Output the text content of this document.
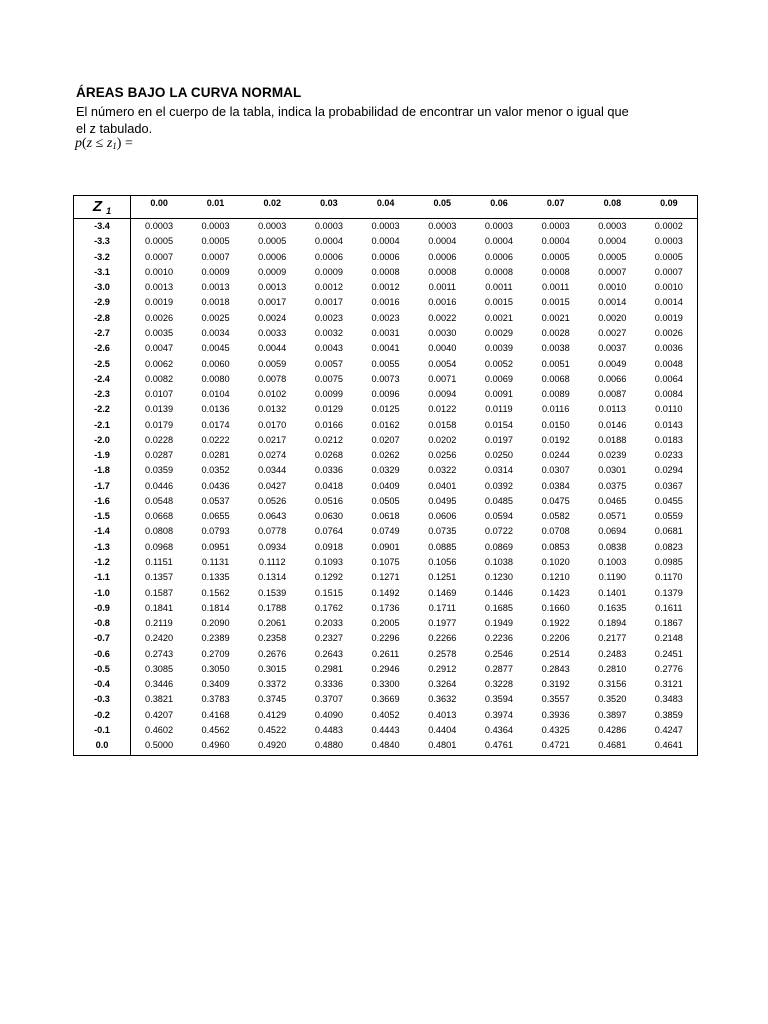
ÁREAS BAJO LA CURVA NORMAL
El número en el cuerpo de la tabla, indica la probabilidad de encontrar un valor menor o igual que el z tabulado.
$p(z \le z_1)$ =
Z $_1$	0.00	0.01	0.02	0.03	0.04	0.05	0.06	0.07	0.08	0.09
-3.4	0.0003	0.0003	0.0003	0.0003	0.0003	0.0003	0.0003	0.0003	0.0003	0.0002
-3.3	0.0005	0.0005	0.0005	0.0004	0.0004	0.0004	0.0004	0.0004	0.0004	0.0003
-3.2	0.0007	0.0007	0.0006	0.0006	0.0006	0.0006	0.0006	0.0005	0.0005	0.0005
-3.1	0.0010	0.0009	0.0009	0.0009	0.0008	0.0008	0.0008	0.0008	0.0007	0.0007
-3.0	0.0013	0.0013	0.0013	0.0012	0.0012	0.0011	0.0011	0.0011	0.0010	0.0010
-2.9	0.0019	0.0018	0.0017	0.0017	0.0016	0.0016	0.0015	0.0015	0.0014	0.0014
-2.8	0.0026	0.0025	0.0024	0.0023	0.0023	0.0022	0.0021	0.0021	0.0020	0.0019
-2.7	0.0035	0.0034	0.0033	0.0032	0.0031	0.0030	0.0029	0.0028	0.0027	0.0026
-2.6	0.0047	0.0045	0.0044	0.0043	0.0041	0.0040	0.0039	0.0038	0.0037	0.0036
-2.5	0.0062	0.0060	0.0059	0.0057	0.0055	0.0054	0.0052	0.0051	0.0049	0.0048
-2.4	0.0082	0.0080	0.0078	0.0075	0.0073	0.0071	0.0069	0.0068	0.0066	0.0064
-2.3	0.0107	0.0104	0.0102	0.0099	0.0096	0.0094	0.0091	0.0089	0.0087	0.0084
-2.2	0.0139	0.0136	0.0132	0.0129	0.0125	0.0122	0.0119	0.0116	0.0113	0.0110
-2.1	0.0179	0.0174	0.0170	0.0166	0.0162	0.0158	0.0154	0.0150	0.0146	0.0143
-2.0	0.0228	0.0222	0.0217	0.0212	0.0207	0.0202	0.0197	0.0192	0.0188	0.0183
-1.9	0.0287	0.0281	0.0274	0.0268	0.0262	0.0256	0.0250	0.0244	0.0239	0.0233
-1.8	0.0359	0.0352	0.0344	0.0336	0.0329	0.0322	0.0314	0.0307	0.0301	0.0294
-1.7	0.0446	0.0436	0.0427	0.0418	0.0409	0.0401	0.0392	0.0384	0.0375	0.0367
-1.6	0.0548	0.0537	0.0526	0.0516	0.0505	0.0495	0.0485	0.0475	0.0465	0.0455
-1.5	0.0668	0.0655	0.0643	0.0630	0.0618	0.0606	0.0594	0.0582	0.0571	0.0559
-1.4	0.0808	0.0793	0.0778	0.0764	0.0749	0.0735	0.0722	0.0708	0.0694	0.0681
-1.3	0.0968	0.0951	0.0934	0.0918	0.0901	0.0885	0.0869	0.0853	0.0838	0.0823
-1.2	0.1151	0.1131	0.1112	0.1093	0.1075	0.1056	0.1038	0.1020	0.1003	0.0985
-1.1	0.1357	0.1335	0.1314	0.1292	0.1271	0.1251	0.1230	0.1210	0.1190	0.1170
-1.0	0.1587	0.1562	0.1539	0.1515	0.1492	0.1469	0.1446	0.1423	0.1401	0.1379
-0.9	0.1841	0.1814	0.1788	0.1762	0.1736	0.1711	0.1685	0.1660	0.1635	0.1611
-0.8	0.2119	0.2090	0.2061	0.2033	0.2005	0.1977	0.1949	0.1922	0.1894	0.1867
-0.7	0.2420	0.2389	0.2358	0.2327	0.2296	0.2266	0.2236	0.2206	0.2177	0.2148
-0.6	0.2743	0.2709	0.2676	0.2643	0.2611	0.2578	0.2546	0.2514	0.2483	0.2451
-0.5	0.3085	0.3050	0.3015	0.2981	0.2946	0.2912	0.2877	0.2843	0.2810	0.2776
-0.4	0.3446	0.3409	0.3372	0.3336	0.3300	0.3264	0.3228	0.3192	0.3156	0.3121
-0.3	0.3821	0.3783	0.3745	0.3707	0.3669	0.3632	0.3594	0.3557	0.3520	0.3483
-0.2	0.4207	0.4168	0.4129	0.4090	0.4052	0.4013	0.3974	0.3936	0.3897	0.3859
-0.1	0.4602	0.4562	0.4522	0.4483	0.4443	0.4404	0.4364	0.4325	0.4286	0.4247
0.0	0.5000	0.4960	0.4920	0.4880	0.4840	0.4801	0.4761	0.4721	0.4681	0.4641
